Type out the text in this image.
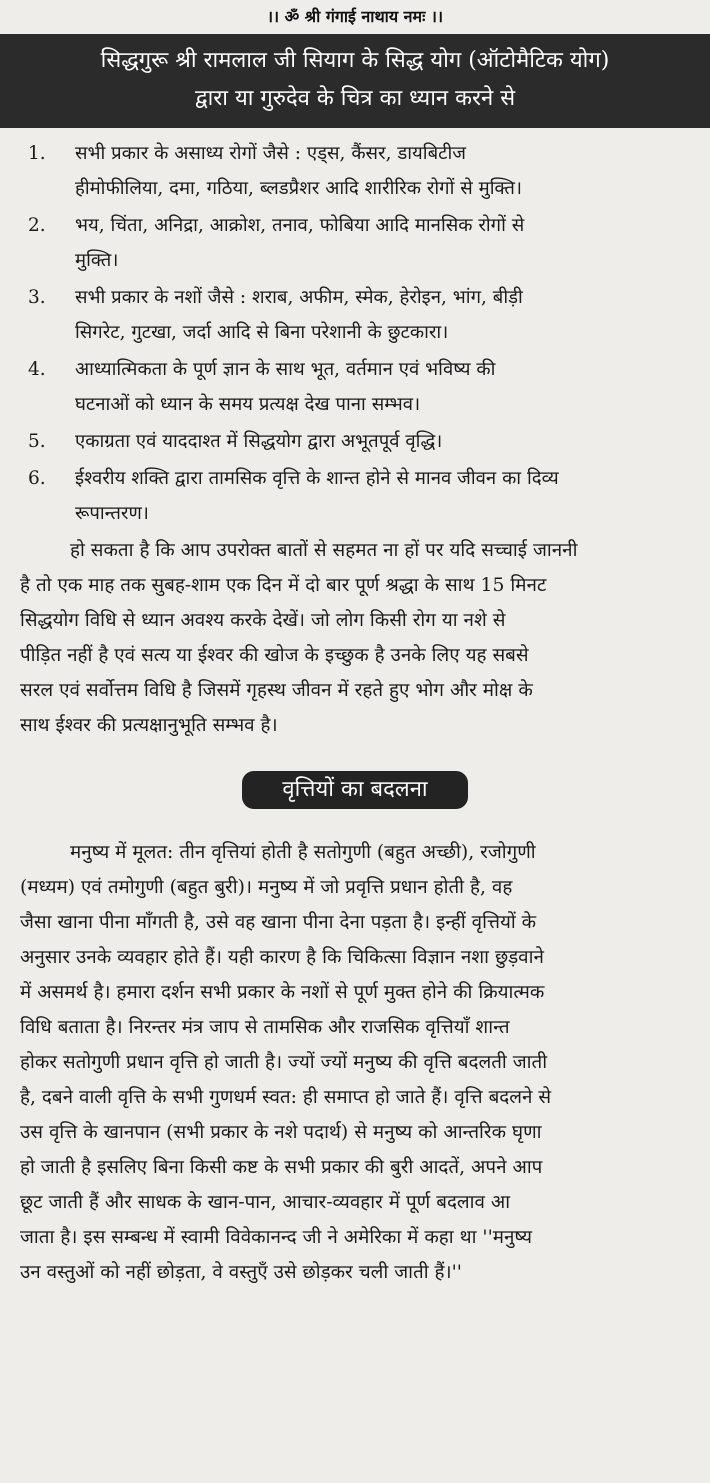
।। ॐ श्री गंगाई नाथाय नमः ।।
सिद्धगुरू श्री रामलाल जी सियाग के सिद्ध योग (ऑटोमैटिक योग)
द्वारा या गुरुदेव के चित्र का ध्यान करने से
1.	सभी प्रकार के असाध्य रोगों जैसे : एड्स, कैंसर, डायबिटीज
हीमोफीलिया, दमा, गठिया, ब्लडप्रैशर आदि शारीरिक रोगों से मुक्ति।
2.	भय, चिंता, अनिद्रा, आक्रोश, तनाव, फोबिया आदि मानसिक रोगों से
मुक्ति।
3.	सभी प्रकार के नशों जैसे : शराब, अफीम, स्मेक, हेरोइन, भांग, बीड़ी
सिगरेट, गुटखा, जर्दा आदि से बिना परेशानी के छुटकारा।
4.	आध्यात्मिकता के पूर्ण ज्ञान के साथ भूत, वर्तमान एवं भविष्य की
घटनाओं को ध्यान के समय प्रत्यक्ष देख पाना सम्भव।
5.	एकाग्रता एवं याददाश्त में सिद्धयोग द्वारा अभूतपूर्व वृद्धि।
6.	ईश्वरीय शक्ति द्वारा तामसिक वृत्ति के शान्त होने से मानव जीवन का दिव्य
रूपान्तरण।
हो सकता है कि आप उपरोक्त बातों से सहमत ना हों पर यदि सच्चाई जाननी
है तो एक माह तक सुबह-शाम एक दिन में दो बार पूर्ण श्रद्धा के साथ 15 मिनट
सिद्धयोग विधि से ध्यान अवश्य करके देखें। जो लोग किसी रोग या नशे से
पीड़ित नहीं है एवं सत्य या ईश्वर की खोज के इच्छुक है उनके लिए यह सबसे
सरल एवं सर्वोत्तम विधि है जिसमें गृहस्थ जीवन में रहते हुए भोग और मोक्ष के
साथ ईश्वर की प्रत्यक्षानुभूति सम्भव है।
वृत्तियों का बदलना
मनुष्य में मूलत: तीन वृत्तियां होती है सतोगुणी (बहुत अच्छी), रजोगुणी
(मध्यम) एवं तमोगुणी (बहुत बुरी)। मनुष्य में जो प्रवृत्ति प्रधान होती है, वह
जैसा खाना पीना माँगती है, उसे वह खाना पीना देना पड़ता है। इन्हीं वृत्तियों के
अनुसार उनके व्यवहार होते हैं। यही कारण है कि चिकित्सा विज्ञान नशा छुड़वाने
में असमर्थ है। हमारा दर्शन सभी प्रकार के नशों से पूर्ण मुक्त होने की क्रियात्मक
विधि बताता है। निरन्तर मंत्र जाप से तामसिक और राजसिक वृत्तियाँ शान्त
होकर सतोगुणी प्रधान वृत्ति हो जाती है। ज्यों ज्यों मनुष्य की वृत्ति बदलती जाती
है, दबने वाली वृत्ति के सभी गुणधर्म स्वत: ही समाप्त हो जाते हैं। वृत्ति बदलने से
उस वृत्ति के खानपान (सभी प्रकार के नशे पदार्थ) से मनुष्य को आन्तरिक घृणा
हो जाती है इसलिए बिना किसी कष्ट के सभी प्रकार की बुरी आदतें, अपने आप
छूट जाती हैं और साधक के खान-पान, आचार-व्यवहार में पूर्ण बदलाव आ
जाता है। इस सम्बन्ध में स्वामी विवेकानन्द जी ने अमेरिका में कहा था ''मनुष्य
उन वस्तुओं को नहीं छोड़ता, वे वस्तुएँ उसे छोड़कर चली जाती हैं।''
